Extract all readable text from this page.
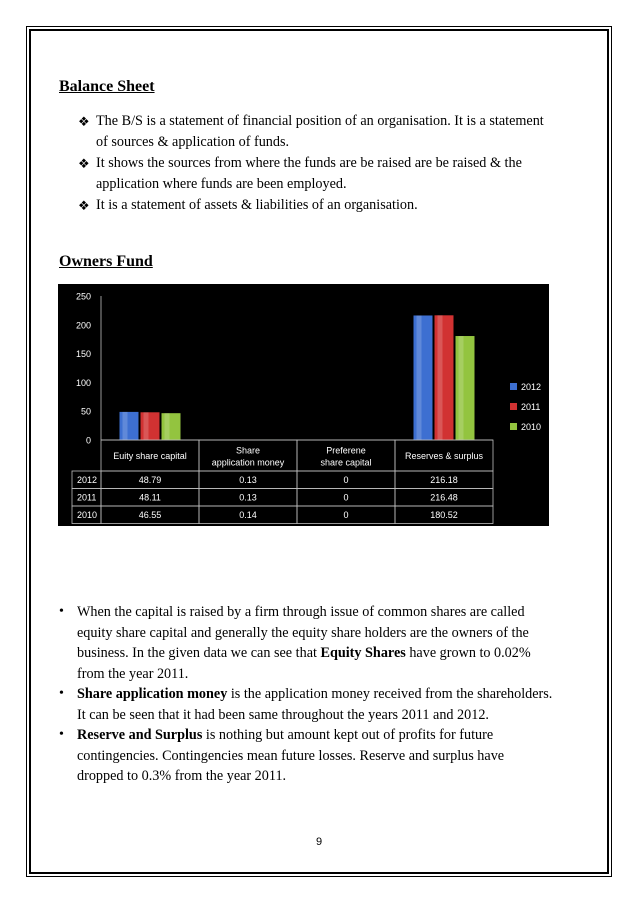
Balance Sheet
❖ The B/S is a statement of financial position of an organisation. It is a statement
of sources & application of funds.
❖ It shows the sources from where the funds are be raised are be raised & the
application where funds are been employed.
❖ It is a statement of assets & liabilities of an organisation.
Owners Fund
0
50
100
150
200
250
Euity share capital
Share application money
Preferene share capital
Reserves & surplus
2012	48.79	0.13	0	216.18
2011	48.11	0.13	0	216.48
2010	46.55	0.14	0	180.52
2012
2011
2010
• When the capital is raised by a firm through issue of common shares are called
equity share capital and generally the equity share holders are the owners of the
business. In the given data we can see that Equity Shares have grown to 0.02%
from the year 2011.
• Share application money is the application money received from the shareholders.
It can be seen that it had been same throughout the years 2011 and 2012.
• Reserve and Surplus is nothing but amount kept out of profits for future
contingencies. Contingencies mean future losses. Reserve and surplus have
dropped to 0.3% from the year 2011.
9
